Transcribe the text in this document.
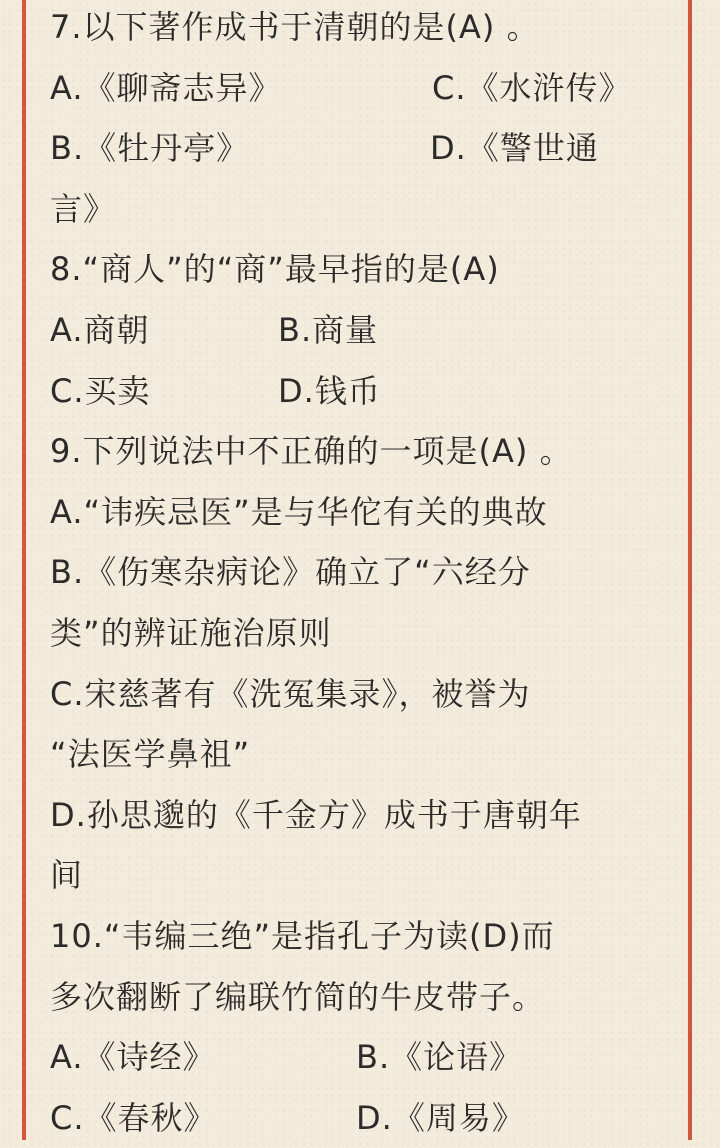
7.以下著作成书于清朝的是(A) 。
A.《聊斋志异》	C.《水浒传》
B.《牡丹亭》	D.《警世通
言》
8.“商人”的“商”最早指的是(A)
A.商朝	B.商量
C.买卖	D.钱币
9.下列说法中不正确的一项是(A) 。
A.“讳疾忌医”是与华佗有关的典故
B.《伤寒杂病论》确立了“六经分
类”的辨证施治原则
C.宋慈著有《洗冤集录》，被誉为
“法医学鼻祖”
D.孙思邈的《千金方》成书于唐朝年
间
10.“韦编三绝”是指孔子为读(D)而
多次翻断了编联竹简的牛皮带子。
A.《诗经》	B.《论语》
C.《春秋》	D.《周易》
